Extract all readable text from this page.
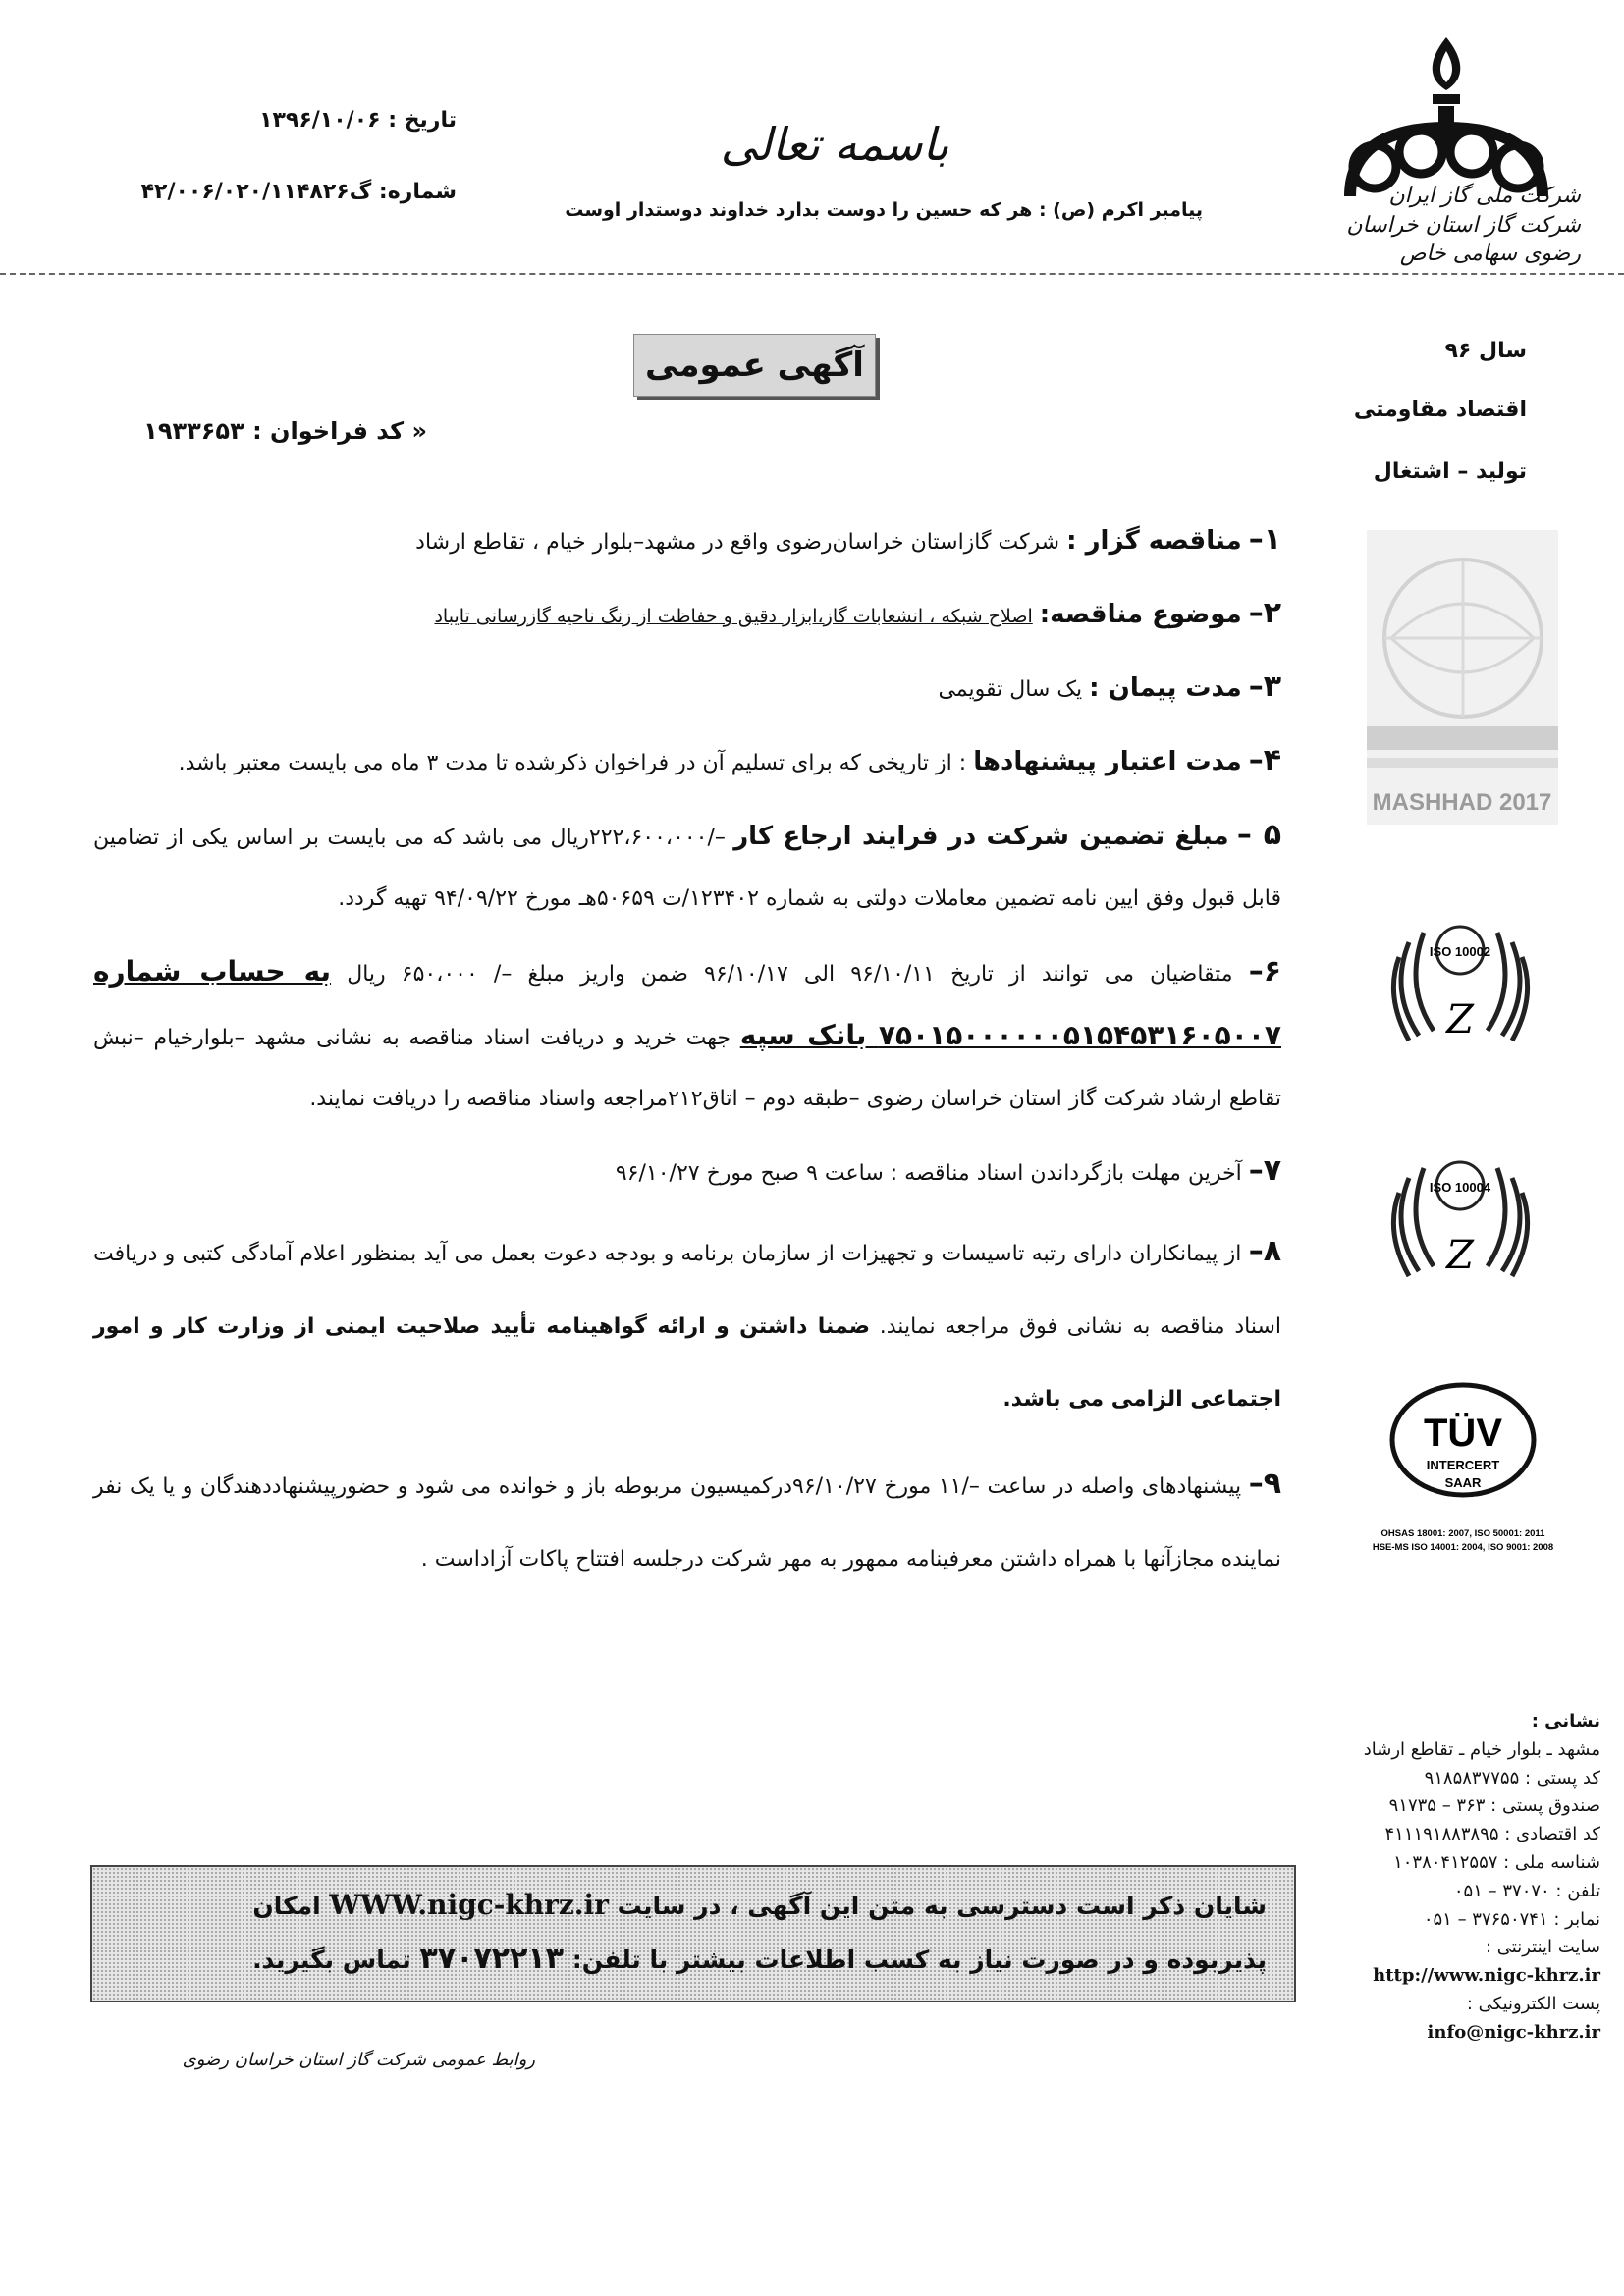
شرکت ملی گاز ایران
شرکت گاز استان خراسان رضوی سهامی خاص
باسمه تعالی
پیامبر اکرم (ص) : هر که حسین را دوست بدارد خداوند دوستدار اوست
تاریخ : ۱۳۹۶/۱۰/۰۶
شماره: گ۴۲/۰۰۶/۰۲۰/۱۱۴۸۲۶
سال ۹۶
اقتصاد مقاومتی
تولید – اشتغال
MASHHAD 2017
ISO 10002
Z
ISO 10004
Z
TÜV
INTERCERT
SAAR
OHSAS 18001: 2007, ISO 50001: 2011
HSE-MS ISO 14001: 2004, ISO 9001: 2008
نشانی :
مشهد ـ بلوار خیام ـ تقاطع ارشاد
کد پستی : ۹۱۸۵۸۳۷۷۵۵
صندوق پستی : ۳۶۳ – ۹۱۷۳۵
کد اقتصادی : ۴۱۱۱۹۱۸۸۳۸۹۵
شناسه ملی : ۱۰۳۸۰۴۱۲۵۵۷
تلفن : ۳۷۰۷۰ – ۰۵۱
نمابر : ۳۷۶۵۰۷۴۱ – ۰۵۱
سایت اینترنتی :
http://www.nigc-khrz.ir
پست الکترونیکی :
info@nigc-khrz.ir
آگهی عمومی
« کد فراخوان : ۱۹۳۳۶۵۳
۱– مناقصه گزار : شرکت گازاستان خراسان‌رضوی واقع در مشهد–بلوار خیام ، تقاطع ارشاد
۲– موضوع مناقصه: اصلاح شبکه ، انشعابات گاز،ابزار دقیق و حفاظت از زنگ ناحیه گازرسانی تایباد
۳– مدت پیمان : یک سال تقویمی
۴– مدت اعتبار پیشنهادها : از تاریخی که برای تسلیم آن در فراخوان ذکرشده تا مدت ۳ ماه می بایست معتبر باشد.
۵ – مبلغ تضمین شرکت در فرایند ارجاع کار –/۲۲۲،۶۰۰،۰۰۰ریال می باشد که می بایست بر اساس یکی از تضامین قابل قبول وفق ایین نامه تضمین معاملات دولتی به شماره ۱۲۳۴۰۲/ت ۵۰۶۵۹هـ مورخ ۹۴/۰۹/۲۲ تهیه گردد.
۶– متقاضیان می توانند از تاریخ ۹۶/۱۰/۱۱ الی ۹۶/۱۰/۱۷ ضمن واریز مبلغ –/ ۶۵۰،۰۰۰ ریال به حساب شماره ۷۵۰۱۵۰۰۰۰۰۰۵۱۵۴۵۳۱۶۰۵۰۰۷ بانک سپه جهت خرید و دریافت اسناد مناقصه به نشانی مشهد –بلوارخیام –نبش تقاطع ارشاد شرکت گاز استان خراسان رضوی –طبقه دوم – اتاق۲۱۲مراجعه واسناد مناقصه را دریافت نمایند.
۷– آخرین مهلت بازگرداندن اسناد مناقصه : ساعت ۹ صبح مورخ ۹۶/۱۰/۲۷
۸– از پیمانکاران دارای رتبه تاسیسات و تجهیزات از سازمان برنامه و بودجه دعوت بعمل می آید بمنظور اعلام آمادگی کتبی و دریافت اسناد مناقصه به نشانی فوق مراجعه نمایند. ضمنا داشتن و ارائه گواهینامه تأیید صلاحیت ایمنی از وزارت کار و امور اجتماعی الزامی می باشد.
۹– پیشنهادهای واصله در ساعت –/۱۱ مورخ ۹۶/۱۰/۲۷درکمیسیون مربوطه باز و خوانده می شود و حضورپیشنهاددهندگان و یا یک نفر نماینده مجازآنها با همراه داشتن معرفینامه ممهور به مهر شرکت درجلسه افتتاح پاکات آزاداست .
شایان ذکر است دسترسی به متن این آگهی ، در سایت WWW.nigc-khrz.ir امکان
پذیربوده و در صورت نیاز به کسب اطلاعات بیشتر با تلفن: ۳۷۰۷۲۲۱۳ تماس بگیرید.
روابط عمومی شرکت گاز استان خراسان رضوی
